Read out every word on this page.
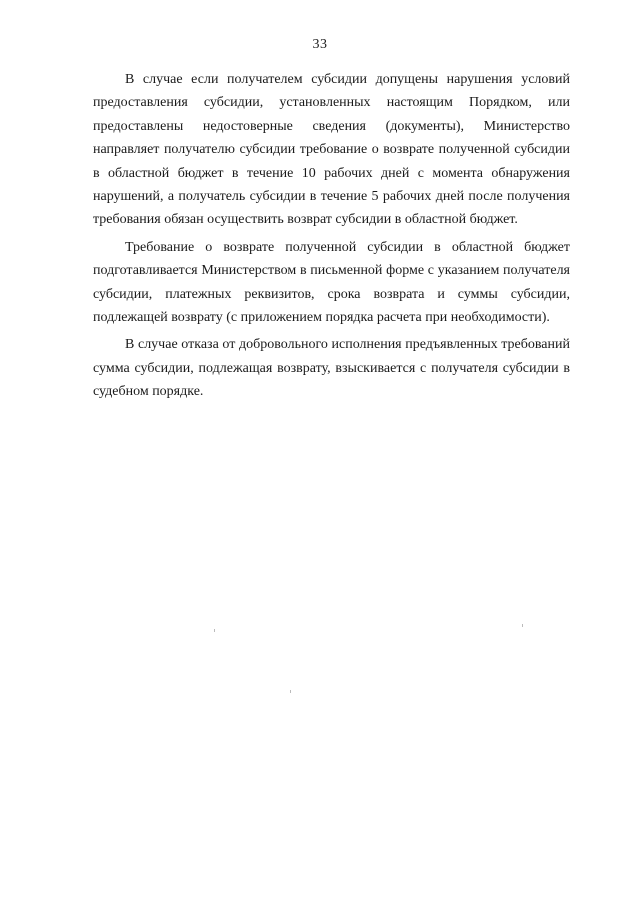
33

В случае если получателем субсидии допущены нарушения условий предоставления субсидии, установленных настоящим Порядком, или предоставлены недостоверные сведения (документы), Министерство направляет получателю субсидии требование о возврате полученной субсидии в областной бюджет в течение 10 рабочих дней с момента обнаружения нарушений, а получатель субсидии в течение 5 рабочих дней после получения требования обязан осуществить возврат субсидии в областной бюджет.

Требование о возврате полученной субсидии в областной бюджет подготавливается Министерством в письменной форме с указанием получателя субсидии, платежных реквизитов, срока возврата и суммы субсидии, подлежащей возврату (с приложением порядка расчета при необходимости).

В случае отказа от добровольного исполнения предъявленных требований сумма субсидии, подлежащая возврату, взыскивается с получателя субсидии в судебном порядке.
